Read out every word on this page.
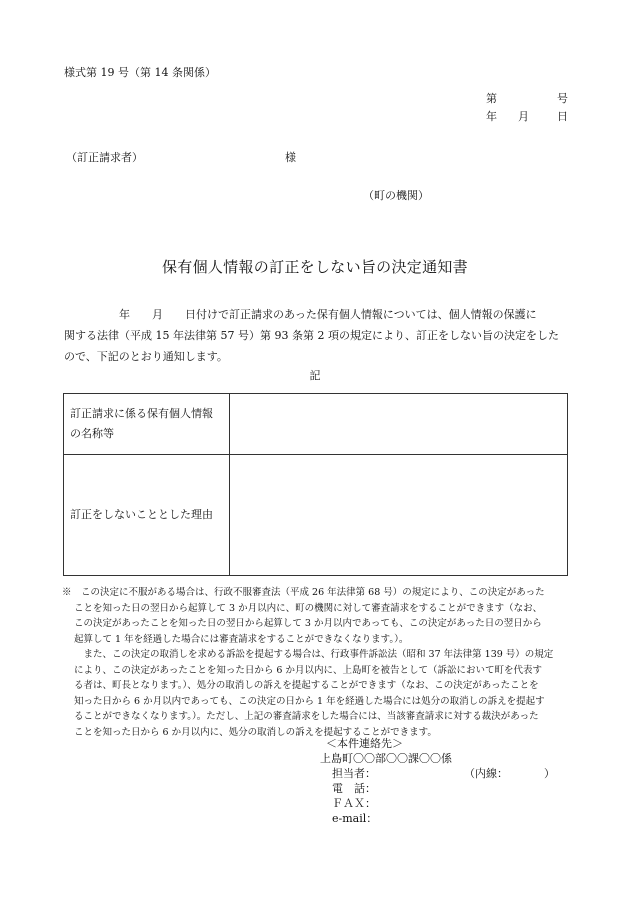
様式第 19 号（第 14 条関係）
第	号
年 月	日
（訂正請求者）	様
（町の機関）
保有個人情報の訂正をしない旨の決定通知書
　　　　　年　　月　　日付けで訂正請求のあった保有個人情報については、個人情報の保護に
関する法律（平成 15 年法律第 57 号）第 93 条第 2 項の規定により、訂正をしない旨の決定をした
ので、下記のとおり通知します。
記
訂正請求に係る保有個人情報
の名称等	
訂正をしないこととした理由	
※　この決定に不服がある場合は、行政不服審査法（平成 26 年法律第 68 号）の規定により、この決定があった
ことを知った日の翌日から起算して 3 か月以内に、町の機関に対して審査請求をすることができます（なお、
この決定があったことを知った日の翌日から起算して 3 か月以内であっても、この決定があった日の翌日から
起算して 1 年を経過した場合には審査請求をすることができなくなります。）。
　また、この決定の取消しを求める訴訟を提起する場合は、行政事件訴訟法（昭和 37 年法律第 139 号）の規定
により、この決定があったことを知った日から 6 か月以内に、上島町を被告として（訴訟において町を代表す
る者は、町長となります。）、処分の取消しの訴えを提起することができます（なお、この決定があったことを
知った日から 6 か月以内であっても、この決定の日から 1 年を経過した場合には処分の取消しの訴えを提起す
ることができなくなります。）。ただし、上記の審査請求をした場合には、当該審査請求に対する裁決があった
ことを知った日から 6 か月以内に、処分の取消しの訴えを提起することができます。
＜本件連絡先＞
上島町〇〇部〇〇課〇〇係
担当者：
電　話：
ＦＡＸ：
e-mail：
（内線：	）
